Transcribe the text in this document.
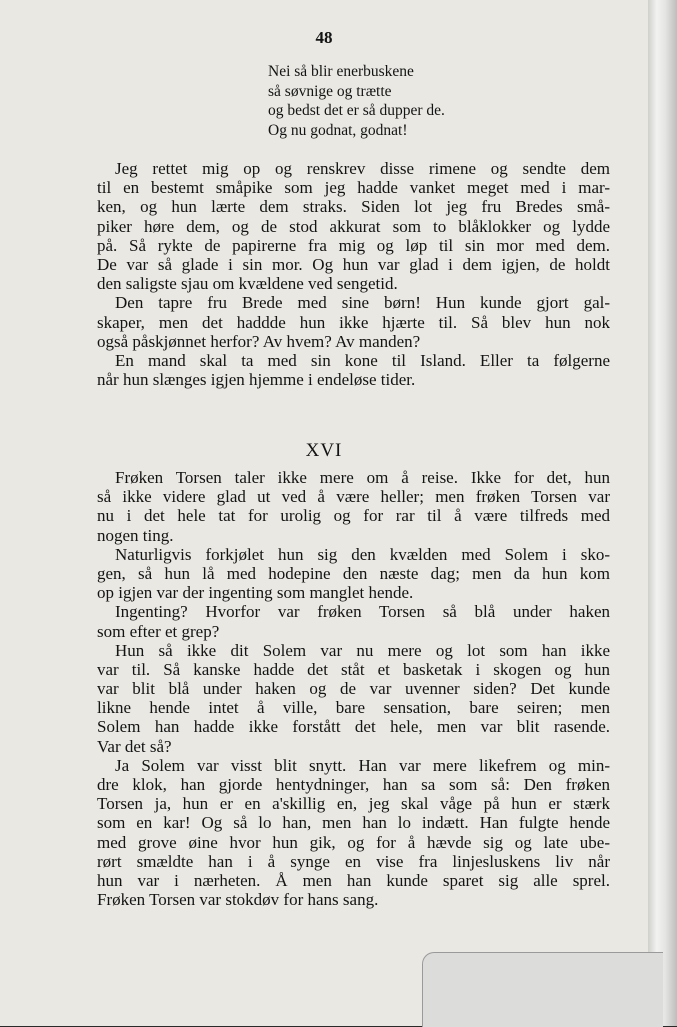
48
Nei så blir enerbuskene
så søvnige og trætte
og bedst det er så dupper de.
Og nu godnat, godnat!
Jeg rettet mig op og renskrev disse rimene og sendte dem
til en bestemt småpike som jeg hadde vanket meget med i mar-
ken, og hun lærte dem straks. Siden lot jeg fru Bredes små-
piker høre dem, og de stod akkurat som to blåklokker og lydde
på. Så rykte de papirerne fra mig og løp til sin mor med dem.
De var så glade i sin mor. Og hun var glad i dem igjen, de holdt
den saligste sjau om kvældene ved sengetid.
Den tapre fru Brede med sine børn! Hun kunde gjort gal-
skaper, men det haddde hun ikke hjærte til. Så blev hun nok
også påskjønnet herfor? Av hvem? Av manden?
En mand skal ta med sin kone til Island. Eller ta følgerne
når hun slænges igjen hjemme i endeløse tider.
XVI
Frøken Torsen taler ikke mere om å reise. Ikke for det, hun
så ikke videre glad ut ved å være heller; men frøken Torsen var
nu i det hele tat for urolig og for rar til å være tilfreds med
nogen ting.
Naturligvis forkjølet hun sig den kvælden med Solem i sko-
gen, så hun lå med hodepine den næste dag; men da hun kom
op igjen var der ingenting som manglet hende.
Ingenting? Hvorfor var frøken Torsen så blå under haken
som efter et grep?
Hun så ikke dit Solem var nu mere og lot som han ikke
var til. Så kanske hadde det ståt et basketak i skogen og hun
var blit blå under haken og de var uvenner siden? Det kunde
likne hende intet å ville, bare sensation, bare seiren; men
Solem han hadde ikke forstått det hele, men var blit rasende.
Var det så?
Ja Solem var visst blit snytt. Han var mere likefrem og min-
dre klok, han gjorde hentydninger, han sa som så: Den frøken
Torsen ja, hun er en a'skillig en, jeg skal våge på hun er stærk
som en kar! Og så lo han, men han lo indætt. Han fulgte hende
med grove øine hvor hun gik, og for å hævde sig og late ube-
rørt smældte han i å synge en vise fra linjesluskens liv når
hun var i nærheten. Å men han kunde sparet sig alle sprel.
Frøken Torsen var stokdøv for hans sang.
